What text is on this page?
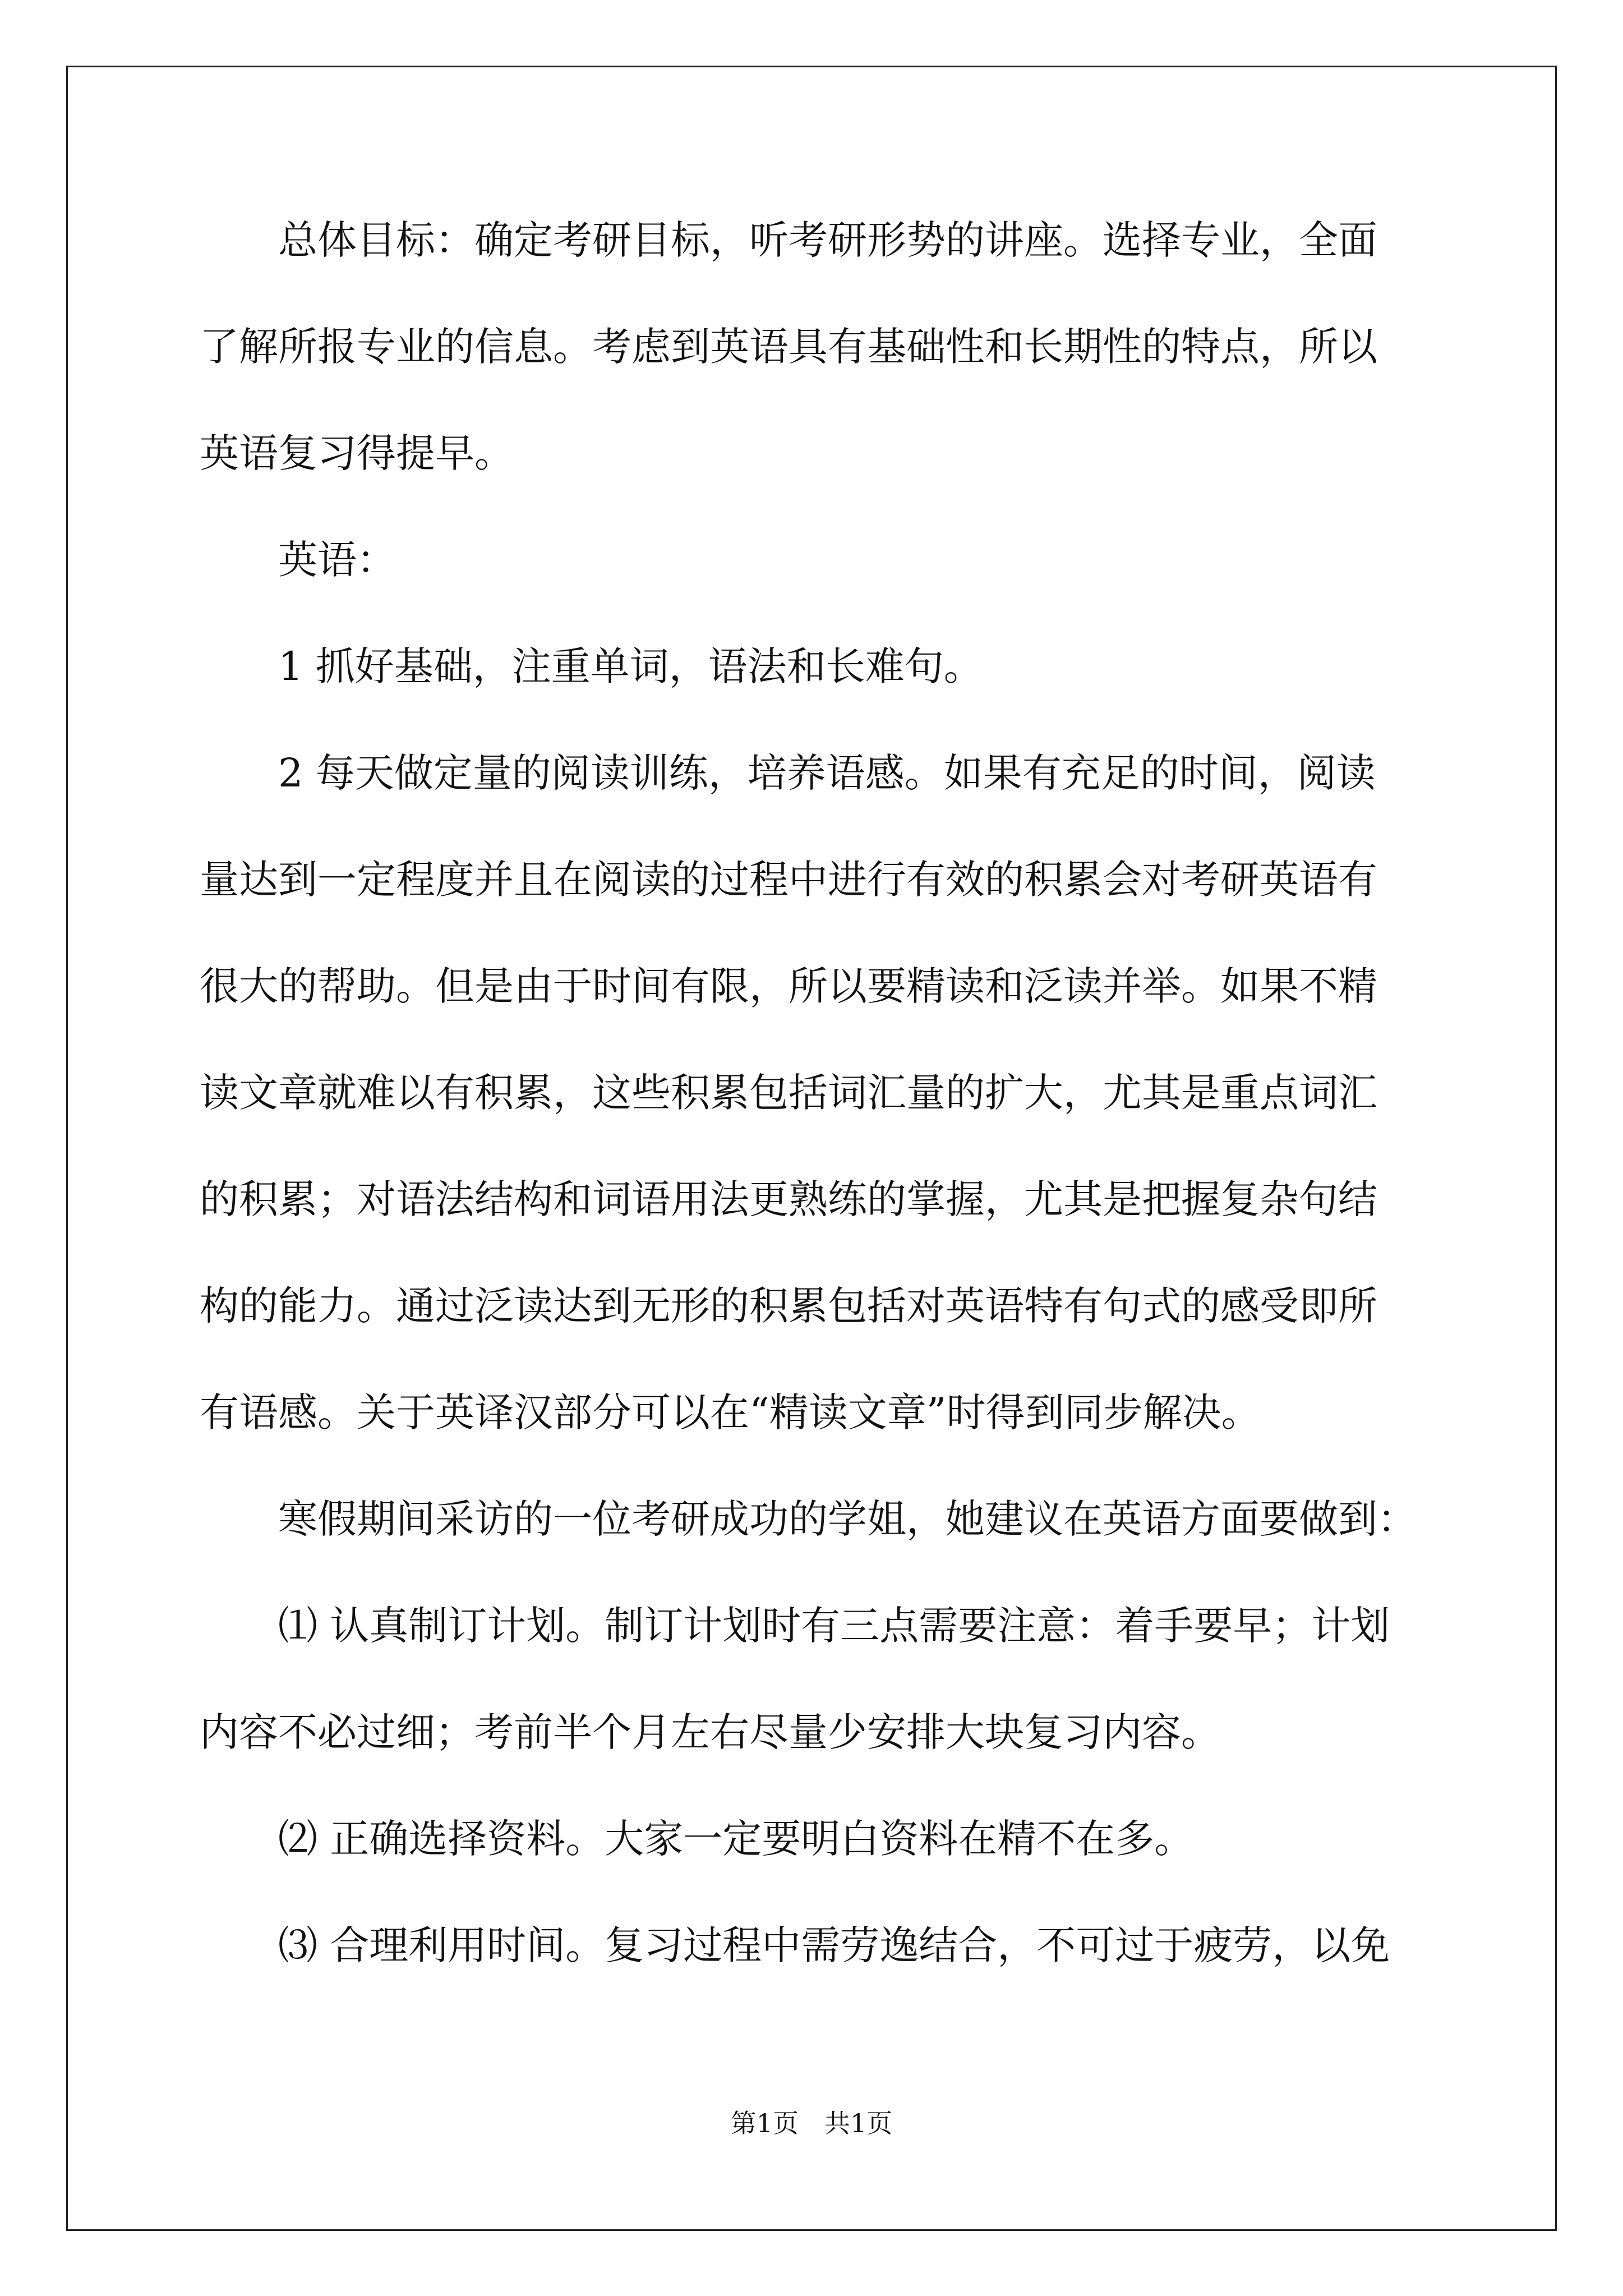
　　总体目标：确定考研目标，听考研形势的讲座。选择专业，全面
了解所报专业的信息。考虑到英语具有基础性和长期性的特点，所以
英语复习得提早。
　　英语：
　　1 抓好基础，注重单词，语法和长难句。
　　2 每天做定量的阅读训练，培养语感。如果有充足的时间，阅读
量达到一定程度并且在阅读的过程中进行有效的积累会对考研英语有
很大的帮助。但是由于时间有限，所以要精读和泛读并举。如果不精
读文章就难以有积累，这些积累包括词汇量的扩大，尤其是重点词汇
的积累；对语法结构和词语用法更熟练的掌握，尤其是把握复杂句结
构的能力。通过泛读达到无形的积累包括对英语特有句式的感受即所
有语感。关于英译汉部分可以在“精读文章”时得到同步解决。
　　寒假期间采访的一位考研成功的学姐，她建议在英语方面要做到：
　　⑴ 认真制订计划。制订计划时有三点需要注意：着手要早；计划
内容不必过细；考前半个月左右尽量少安排大块复习内容。
　　⑵ 正确选择资料。大家一定要明白资料在精不在多。
　　⑶ 合理利用时间。复习过程中需劳逸结合，不可过于疲劳，以免
第1页　共1页
